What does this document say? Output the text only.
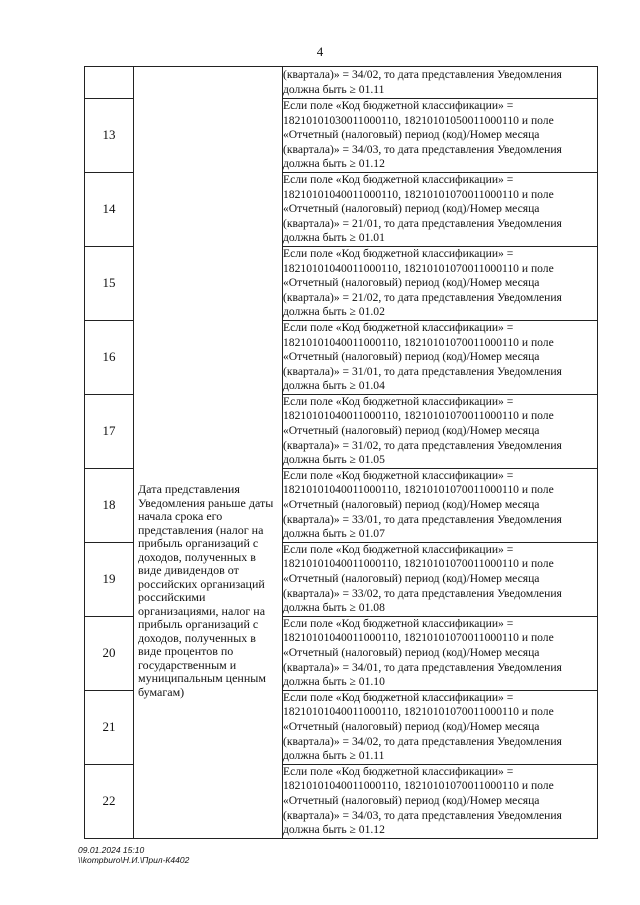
4

	Дата представления Уведомления раньше даты начала срока его представления (налог на прибыль организаций с доходов, полученных в виде дивидендов от российских организаций российскими организациями, налог на прибыль организаций с доходов, полученных в виде процентов по государственным и муниципальным ценным бумагам)	(квартала)» = 34/02, то дата представления Уведомления
должна быть ≥ 01.11

13		Если поле «Код бюджетной классификации» =
18210101030011000110, 18210101050011000110 и поле
«Отчетный (налоговый) период (код)/Номер месяца
(квартала)» = 34/03, то дата представления Уведомления
должна быть ≥ 01.12

14		Если поле «Код бюджетной классификации» =
18210101040011000110, 18210101070011000110 и поле
«Отчетный (налоговый) период (код)/Номер месяца
(квартала)» = 21/01, то дата представления Уведомления
должна быть ≥ 01.01

15		Если поле «Код бюджетной классификации» =
18210101040011000110, 18210101070011000110 и поле
«Отчетный (налоговый) период (код)/Номер месяца
(квартала)» = 21/02, то дата представления Уведомления
должна быть ≥ 01.02

16		Если поле «Код бюджетной классификации» =
18210101040011000110, 18210101070011000110 и поле
«Отчетный (налоговый) период (код)/Номер месяца
(квартала)» = 31/01, то дата представления Уведомления
должна быть ≥ 01.04

17		Если поле «Код бюджетной классификации» =
18210101040011000110, 18210101070011000110 и поле
«Отчетный (налоговый) период (код)/Номер месяца
(квартала)» = 31/02, то дата представления Уведомления
должна быть ≥ 01.05

18		Если поле «Код бюджетной классификации» =
18210101040011000110, 18210101070011000110 и поле
«Отчетный (налоговый) период (код)/Номер месяца
(квартала)» = 33/01, то дата представления Уведомления
должна быть ≥ 01.07

19		Если поле «Код бюджетной классификации» =
18210101040011000110, 18210101070011000110 и поле
«Отчетный (налоговый) период (код)/Номер месяца
(квартала)» = 33/02, то дата представления Уведомления
должна быть ≥ 01.08

20		Если поле «Код бюджетной классификации» =
18210101040011000110, 18210101070011000110 и поле
«Отчетный (налоговый) период (код)/Номер месяца
(квартала)» = 34/01, то дата представления Уведомления
должна быть ≥ 01.10

21		Если поле «Код бюджетной классификации» =
18210101040011000110, 18210101070011000110 и поле
«Отчетный (налоговый) период (код)/Номер месяца
(квартала)» = 34/02, то дата представления Уведомления
должна быть ≥ 01.11

22		Если поле «Код бюджетной классификации» =
18210101040011000110, 18210101070011000110 и поле
«Отчетный (налоговый) период (код)/Номер месяца
(квартала)» = 34/03, то дата представления Уведомления
должна быть ≥ 01.12
09.01.2024 15:10
\\kompburo\Н.И.\Прил-К4402
